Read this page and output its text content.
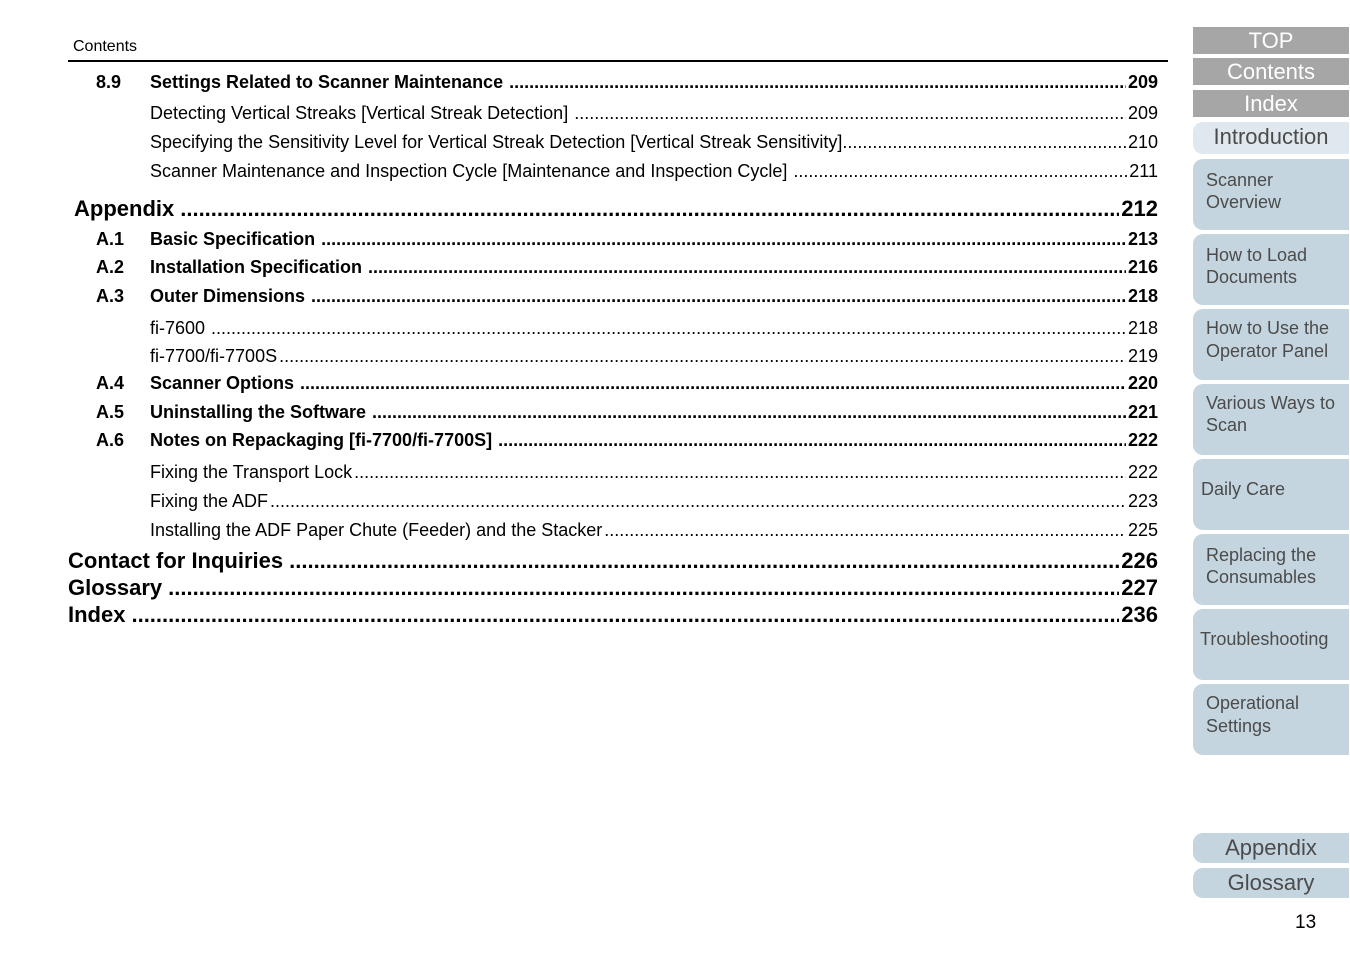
Contents
8.9 Settings Related to Scanner Maintenance .....	209
Detecting Vertical Streaks [Vertical Streak Detection] .....	209
Specifying the Sensitivity Level for Vertical Streak Detection [Vertical Streak Sensitivity] .....	210
Scanner Maintenance and Inspection Cycle [Maintenance and Inspection Cycle] .....	211
Appendix .....	212
A.1 Basic Specification .....	213
A.2 Installation Specification .....	216
A.3 Outer Dimensions .....	218
fi-7600 .....	218
fi-7700/fi-7700S .....	219
A.4 Scanner Options .....	220
A.5 Uninstalling the Software .....	221
A.6 Notes on Repackaging [fi-7700/fi-7700S] .....	222
Fixing the Transport Lock .....	222
Fixing the ADF .....	223
Installing the ADF Paper Chute (Feeder) and the Stacker .....	225
Contact for Inquiries .....	226
Glossary .....	227
Index .....	236
TOP
Contents
Index
Introduction
Scanner
Overview
How to Load
Documents
How to Use the
Operator Panel
Various Ways to
Scan
Daily Care
Replacing the
Consumables
Troubleshooting
Operational
Settings
Appendix
Glossary
13
